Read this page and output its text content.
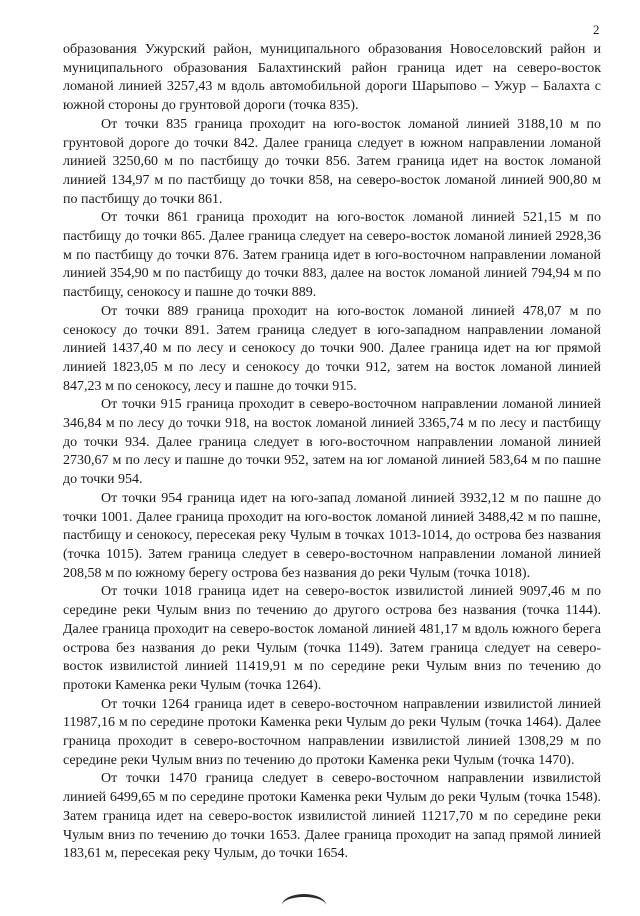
2

образования Ужурский район, муниципального образования Новоселовский район и муниципального образования Балахтинский район граница идет на северо-восток ломаной линией 3257,43 м вдоль автомобильной дороги Шарыпово – Ужур – Балахта с южной стороны до грунтовой дороги (точка 835).

От точки 835 граница проходит на юго-восток ломаной линией 3188,10 м по грунтовой дороге до точки 842. Далее граница следует в южном направлении ломаной линией 3250,60 м по пастбищу до точки 856. Затем граница идет на восток ломаной линией 134,97 м по пастбищу до точки 858, на северо-восток ломаной линией 900,80 м по пастбищу до точки 861.

От точки 861 граница проходит на юго-восток ломаной линией 521,15 м по пастбищу до точки 865. Далее граница следует на северо-восток ломаной линией 2928,36 м по пастбищу до точки 876. Затем граница идет в юго-восточном направлении ломаной линией 354,90 м по пастбищу до точки 883, далее на восток ломаной линией 794,94 м по пастбищу, сенокосу и пашне до точки 889.

От точки 889 граница проходит на юго-восток ломаной линией 478,07 м по сенокосу до точки 891. Затем граница следует в юго-западном направлении ломаной линией 1437,40 м по лесу и сенокосу до точки 900. Далее граница идет на юг прямой линией 1823,05 м по лесу и сенокосу до точки 912, затем на восток ломаной линией 847,23 м по сенокосу, лесу и пашне до точки 915.

От точки 915 граница проходит в северо-восточном направлении ломаной линией 346,84 м по лесу до точки 918, на восток ломаной линией 3365,74 м по лесу и пастбищу до точки 934. Далее граница следует в юго-восточном направлении ломаной линией 2730,67 м по лесу и пашне до точки 952, затем на юг ломаной линией 583,64 м по пашне до точки 954.

От точки 954 граница идет на юго-запад ломаной линией 3932,12 м по пашне до точки 1001. Далее граница проходит на юго-восток ломаной линией 3488,42 м по пашне, пастбищу и сенокосу, пересекая реку Чулым в точках 1013-1014, до острова без названия (точка 1015). Затем граница следует в северо-восточном направлении ломаной линией 208,58 м по южному берегу острова без названия до реки Чулым (точка 1018).

От точки 1018 граница идет на северо-восток извилистой линией 9097,46 м по середине реки Чулым вниз по течению до другого острова без названия (точка 1144). Далее граница проходит на северо-восток ломаной линией 481,17 м вдоль южного берега острова без названия до реки Чулым (точка 1149). Затем граница следует на северо-восток извилистой линией 11419,91 м по середине реки Чулым вниз по течению до протоки Каменка реки Чулым (точка 1264).

От точки 1264 граница идет в северо-восточном направлении извилистой линией 11987,16 м по середине протоки Каменка реки Чулым до реки Чулым (точка 1464). Далее граница проходит в северо-восточном направлении извилистой линией 1308,29 м по середине реки Чулым вниз по течению до протоки Каменка реки Чулым (точка 1470).

От точки 1470 граница следует в северо-восточном направлении извилистой линией 6499,65 м по середине протоки Каменка реки Чулым до реки Чулым (точка 1548). Затем граница идет на северо-восток извилистой линией 11217,70 м по середине реки Чулым вниз по течению до точки 1653. Далее граница проходит на запад прямой линией 183,61 м, пересекая реку Чулым, до точки 1654.
